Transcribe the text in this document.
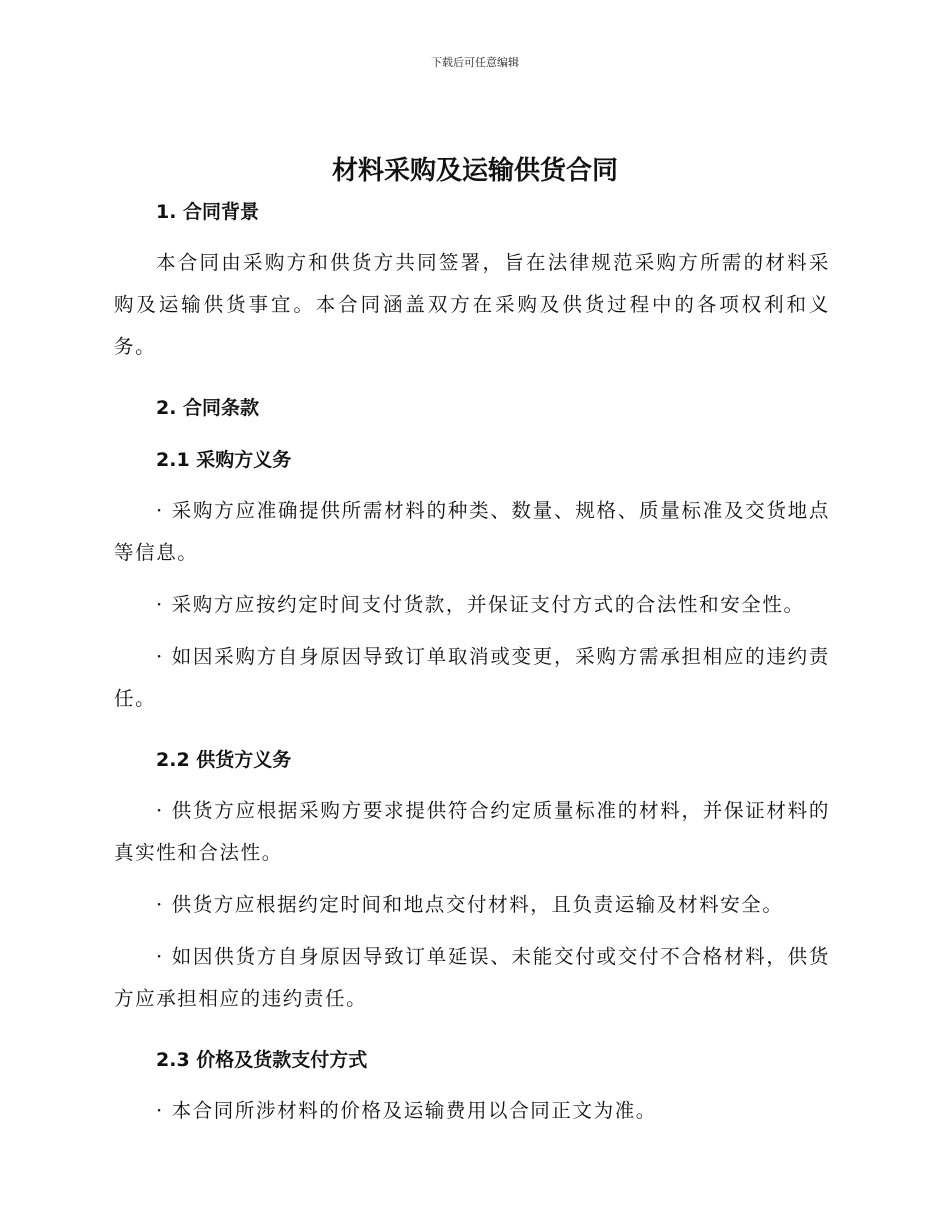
下载后可任意编辑
材料采购及运输供货合同
1. 合同背景

本合同由采购方和供货方共同签署，旨在法律规范采购方所需的材料采购及运输供货事宜。本合同涵盖双方在采购及供货过程中的各项权利和义务。

2. 合同条款
2.1 采购方义务

· 采购方应准确提供所需材料的种类、数量、规格、质量标准及交货地点等信息。

· 采购方应按约定时间支付货款，并保证支付方式的合法性和安全性。

· 如因采购方自身原因导致订单取消或变更，采购方需承担相应的违约责任。

2.2 供货方义务

· 供货方应根据采购方要求提供符合约定质量标准的材料，并保证材料的真实性和合法性。

· 供货方应根据约定时间和地点交付材料，且负责运输及材料安全。

· 如因供货方自身原因导致订单延误、未能交付或交付不合格材料，供货方应承担相应的违约责任。

2.3 价格及货款支付方式

· 本合同所涉材料的价格及运输费用以合同正文为准。
